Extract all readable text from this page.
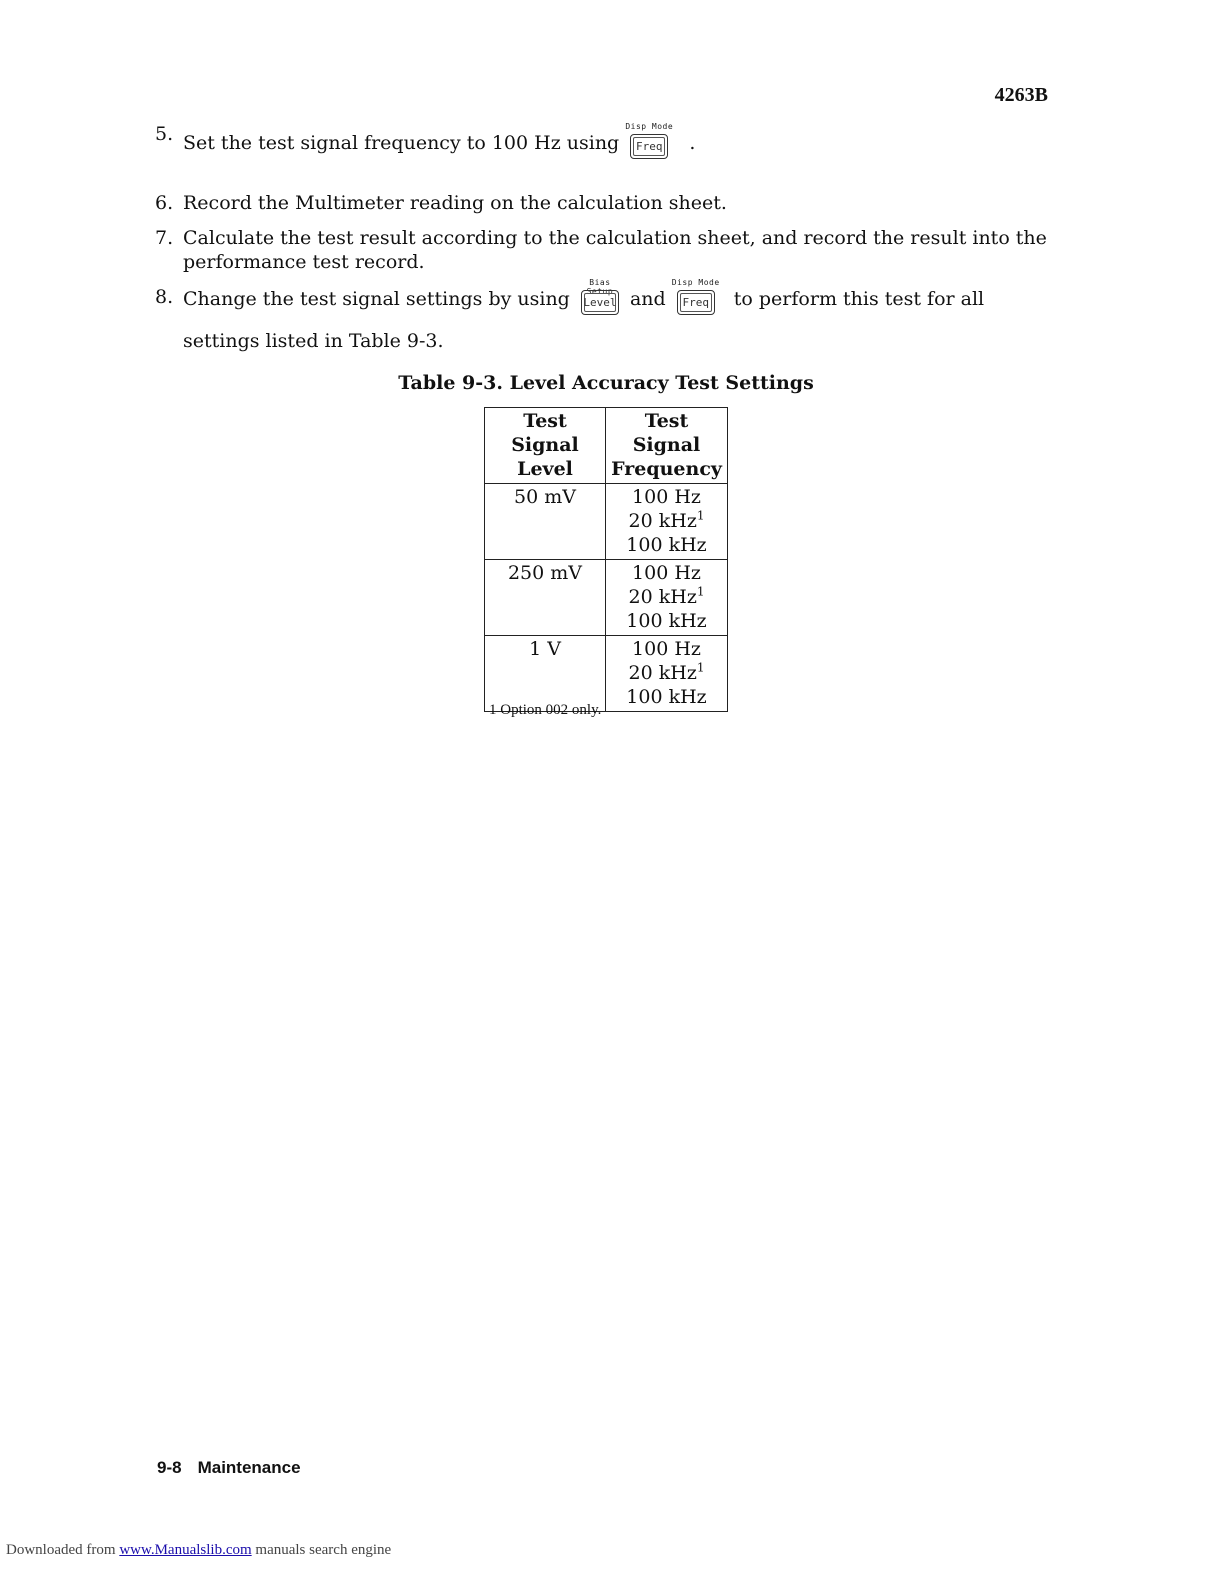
4263B
5. Set the test signal frequency to 100 Hz using
Disp Mode
Freq	.
6. Record the Multimeter reading on the calculation sheet.
7. Calculate the test result according to the calculation sheet, and record the result into the performance test record.
8. Change the test signal settings by using
Bias Setup
Level and
Disp Mode
Freq	to perform this test for all settings listed in Table 9-3.
Table 9-3. Level Accuracy Test Settings
Test Signal Level	Test Signal Frequency
50 mV	100 Hz
20 kHz$^1$
100 kHz

250 mV	100 Hz
20 kHz$^1$
100 kHz

1 V	100 Hz
20 kHz$^1$
100 kHz
1 Option 002 only.
9-8 Maintenance
Downloaded from www.Manualslib.com manuals search engine
